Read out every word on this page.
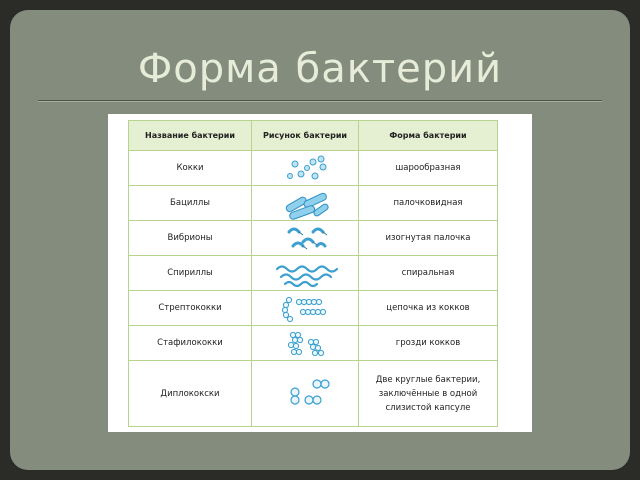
Форма бактерий
Название бактерии	Рисунок бактерии	Форма бактерии
Кокки		шарообразная
Бациллы		палочковидная
Вибрионы		изогнутая палочка
Спириллы		спиральная
Стрептококки		цепочка из кокков
Стафилококки		грозди кокков
Диплококски		Две круглые бактерии,
заключённые в одной
слизистой капсуле
